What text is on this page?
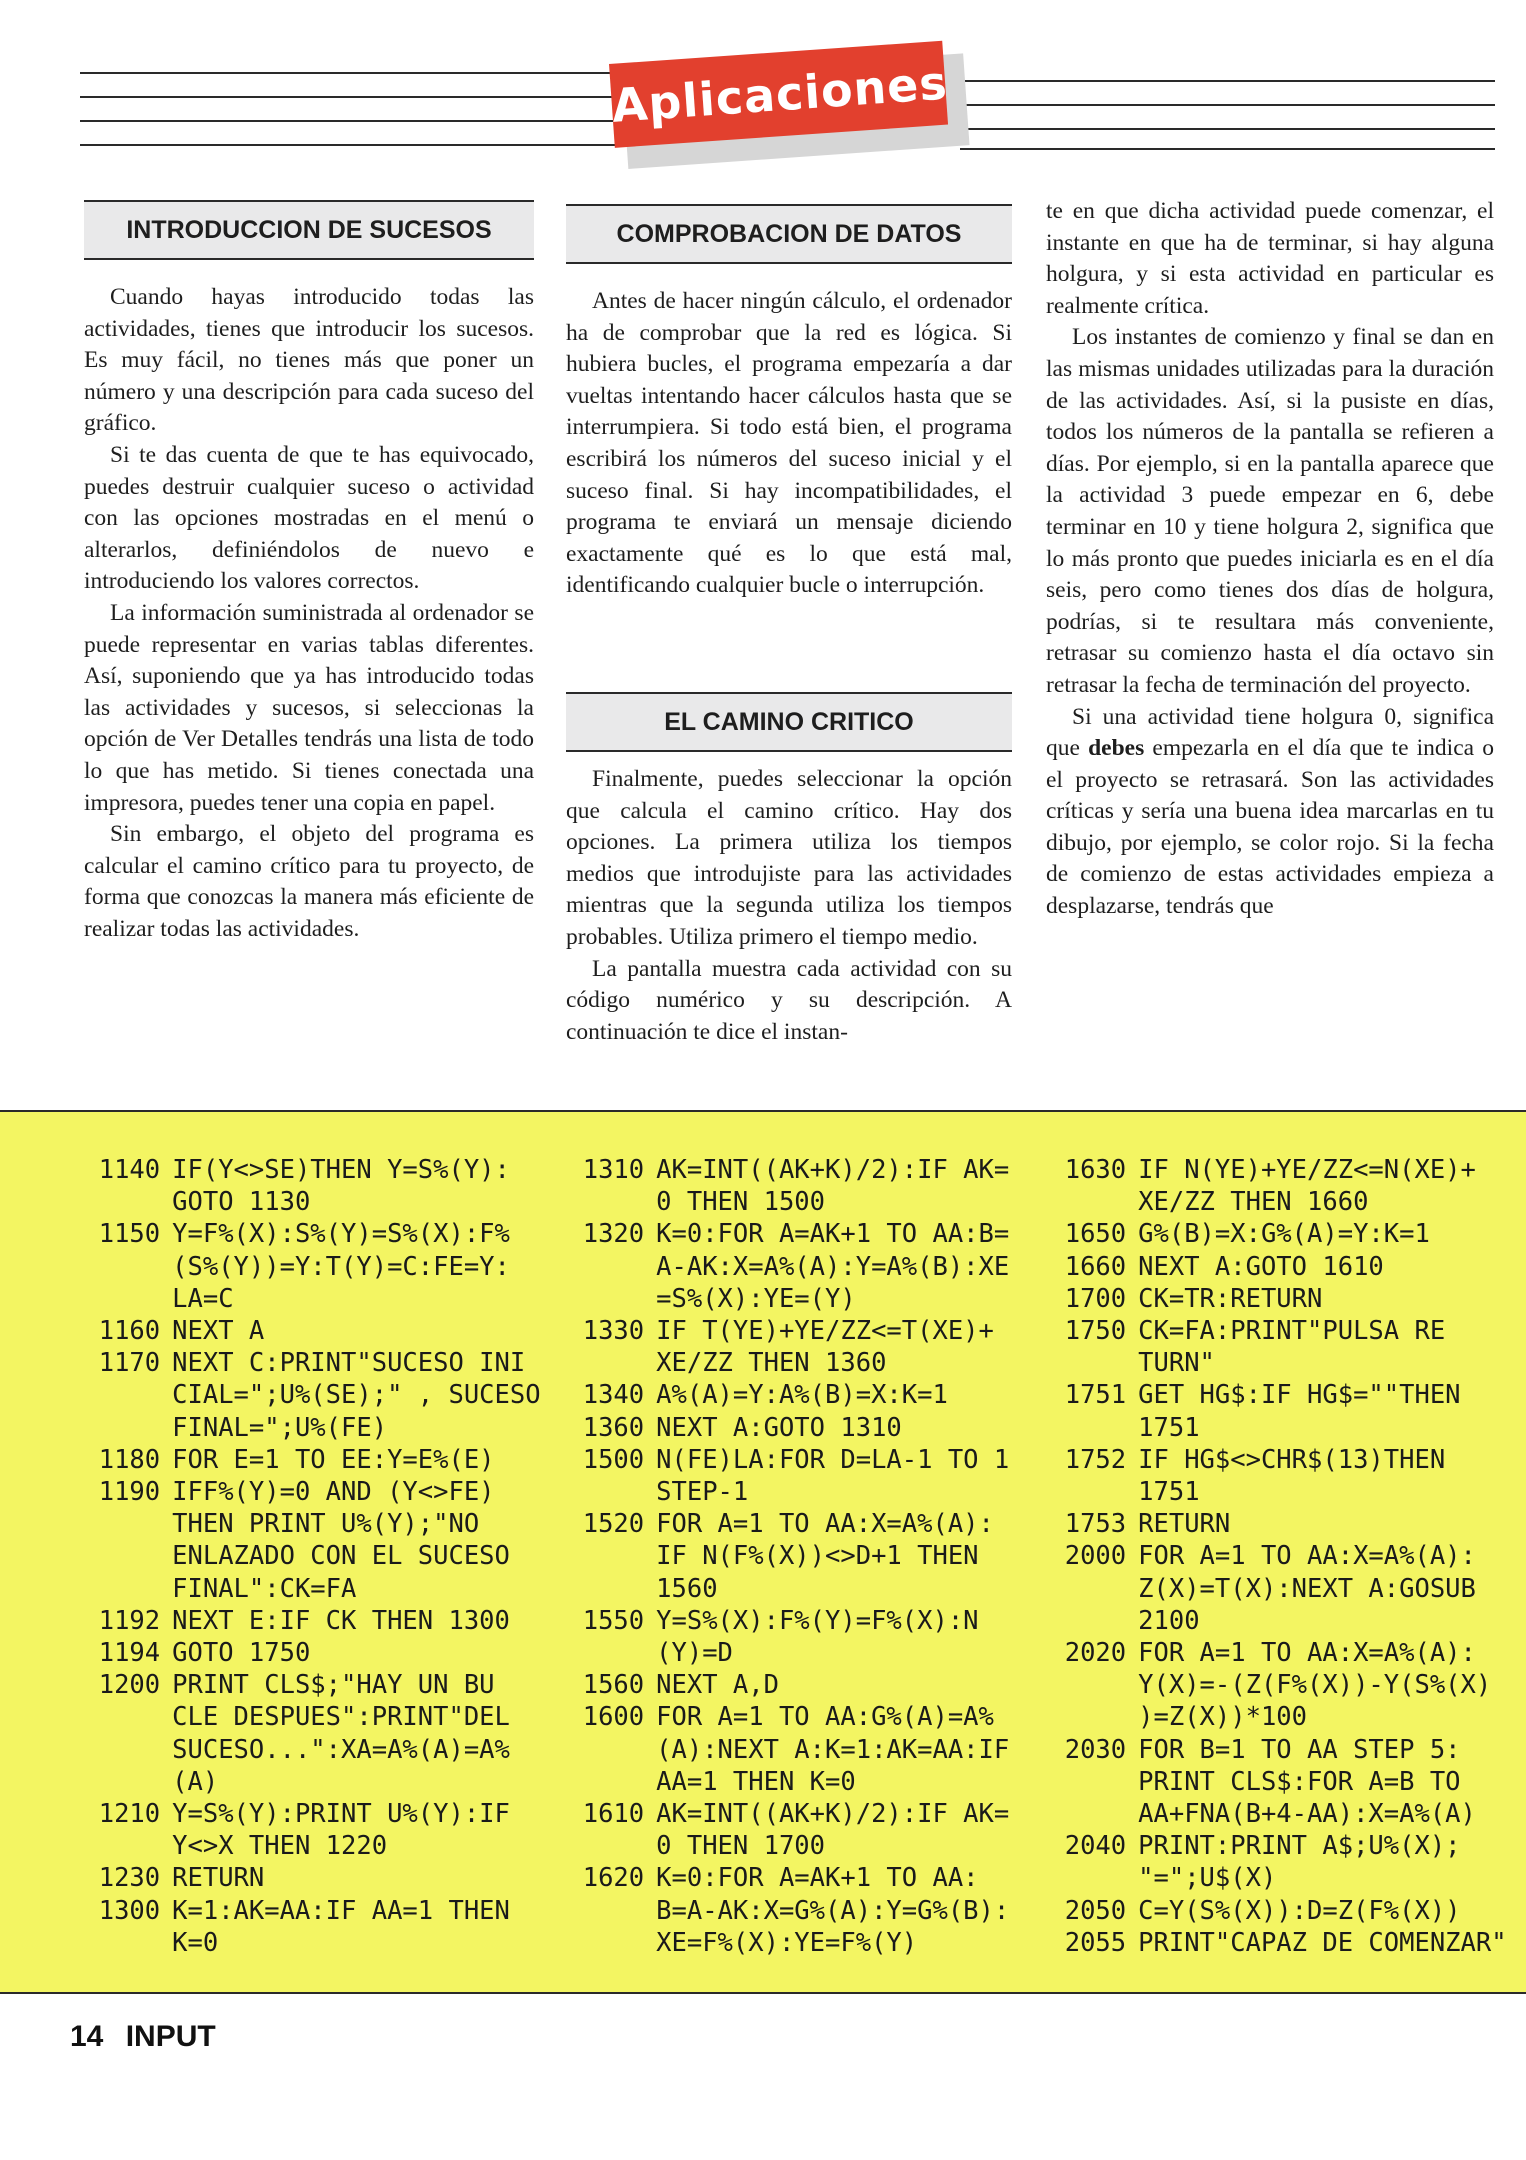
Aplicaciones
INTRODUCCION DE SUCESOS

Cuando hayas introducido todas las actividades, tienes que introducir los sucesos. Es muy fácil, no tienes más que poner un número y una descripción para cada suceso del gráfico.

Si te das cuenta de que te has equivocado, puedes destruir cualquier suceso o actividad con las opciones mostradas en el menú o alterarlos, definiéndolos de nuevo e introduciendo los valores correctos.

La información suministrada al ordenador se puede representar en varias tablas diferentes. Así, suponiendo que ya has introducido todas las actividades y sucesos, si seleccionas la opción de Ver Detalles tendrás una lista de todo lo que has metido. Si tienes conectada una impresora, puedes tener una copia en papel.

Sin embargo, el objeto del programa es calcular el camino crítico para tu proyecto, de forma que conozcas la manera más eficiente de realizar todas las actividades.

COMPROBACION DE DATOS

Antes de hacer ningún cálculo, el ordenador ha de comprobar que la red es lógica. Si hubiera bucles, el programa empezaría a dar vueltas intentando hacer cálculos hasta que se interrumpiera. Si todo está bien, el programa escribirá los números del suceso inicial y el suceso final. Si hay incompatibilidades, el programa te enviará un mensaje diciendo exactamente qué es lo que está mal, identificando cualquier bucle o interrupción.

EL CAMINO CRITICO

Finalmente, puedes seleccionar la opción que calcula el camino crítico. Hay dos opciones. La primera utiliza los tiempos medios que introdujiste para las actividades mientras que la segunda utiliza los tiempos probables. Utiliza primero el tiempo medio.

La pantalla muestra cada actividad con su código numérico y su descripción. A continuación te dice el instan-

te en que dicha actividad puede comenzar, el instante en que ha de terminar, si hay alguna holgura, y si esta actividad en particular es realmente crítica.

Los instantes de comienzo y final se dan en las mismas unidades utilizadas para la duración de las actividades. Así, si la pusiste en días, todos los números de la pantalla se refieren a días. Por ejemplo, si en la pantalla aparece que la actividad 3 puede empezar en 6, debe terminar en 10 y tiene holgura 2, significa que lo más pronto que puedes iniciarla es en el día seis, pero como tienes dos días de holgura, podrías, si te resultara más conveniente, retrasar su comienzo hasta el día octavo sin retrasar la fecha de terminación del proyecto.

Si una actividad tiene holgura 0, significa que debes empezarla en el día que te indica o el proyecto se retrasará. Son las actividades críticas y sería una buena idea marcarlas en tu dibujo, por ejemplo, se color rojo. Si la fecha de comienzo de estas actividades empieza a desplazarse, tendrás que

1140 IF(Y<>SE)THEN Y=S%(Y):
GOTO 1130
1150 Y=F%(X):S%(Y)=S%(X):F%
(S%(Y))=Y:T(Y)=C:FE=Y:
LA=C
1160 NEXT A
1170 NEXT C:PRINT"SUCESO INI
CIAL=";U%(SE);" , SUCESO
FINAL=";U%(FE)
1180 FOR E=1 TO EE:Y=E%(E)
1190 IFF%(Y)=0 AND (Y<>FE)
THEN PRINT U%(Y);"NO
ENLAZADO CON EL SUCESO
FINAL":CK=FA
1192 NEXT E:IF CK THEN 1300
1194 GOTO 1750
1200 PRINT CLS$;"HAY UN BU
CLE DESPUES":PRINT"DEL
SUCESO...":XA=A%(A)=A%
(A)
1210 Y=S%(Y):PRINT U%(Y):IF
Y<>X THEN 1220
1230 RETURN
1300 K=1:AK=AA:IF AA=1 THEN
K=0
1310 AK=INT((AK+K)/2):IF AK=
0 THEN 1500
1320 K=0:FOR A=AK+1 TO AA:B=
A-AK:X=A%(A):Y=A%(B):XE
=S%(X):YE=(Y)
1330 IF T(YE)+YE/ZZ<=T(XE)+
XE/ZZ THEN 1360
1340 A%(A)=Y:A%(B)=X:K=1
1360 NEXT A:GOTO 1310
1500 N(FE)LA:FOR D=LA-1 TO 1
STEP-1
1520 FOR A=1 TO AA:X=A%(A):
IF N(F%(X))<>D+1 THEN
1560
1550 Y=S%(X):F%(Y)=F%(X):N
(Y)=D
1560 NEXT A,D
1600 FOR A=1 TO AA:G%(A)=A%
(A):NEXT A:K=1:AK=AA:IF
AA=1 THEN K=0
1610 AK=INT((AK+K)/2):IF AK=
0 THEN 1700
1620 K=0:FOR A=AK+1 TO AA:
B=A-AK:X=G%(A):Y=G%(B):
XE=F%(X):YE=F%(Y)
1630 IF N(YE)+YE/ZZ<=N(XE)+
XE/ZZ THEN 1660
1650 G%(B)=X:G%(A)=Y:K=1
1660 NEXT A:GOTO 1610
1700 CK=TR:RETURN
1750 CK=FA:PRINT"PULSA RE
TURN"
1751 GET HG$:IF HG$=""THEN
1751
1752 IF HG$<>CHR$(13)THEN
1751
1753 RETURN
2000 FOR A=1 TO AA:X=A%(A):
Z(X)=T(X):NEXT A:GOSUB
2100
2020 FOR A=1 TO AA:X=A%(A):
Y(X)=-(Z(F%(X))-Y(S%(X)
)=Z(X))*100
2030 FOR B=1 TO AA STEP 5:
PRINT CLS$:FOR A=B TO
AA+FNA(B+4-AA):X=A%(A)
2040 PRINT:PRINT A$;U%(X);
"=";U$(X)
2050 C=Y(S%(X)):D=Z(F%(X))
2055 PRINT"CAPAZ DE COMENZAR"
14 INPUT
